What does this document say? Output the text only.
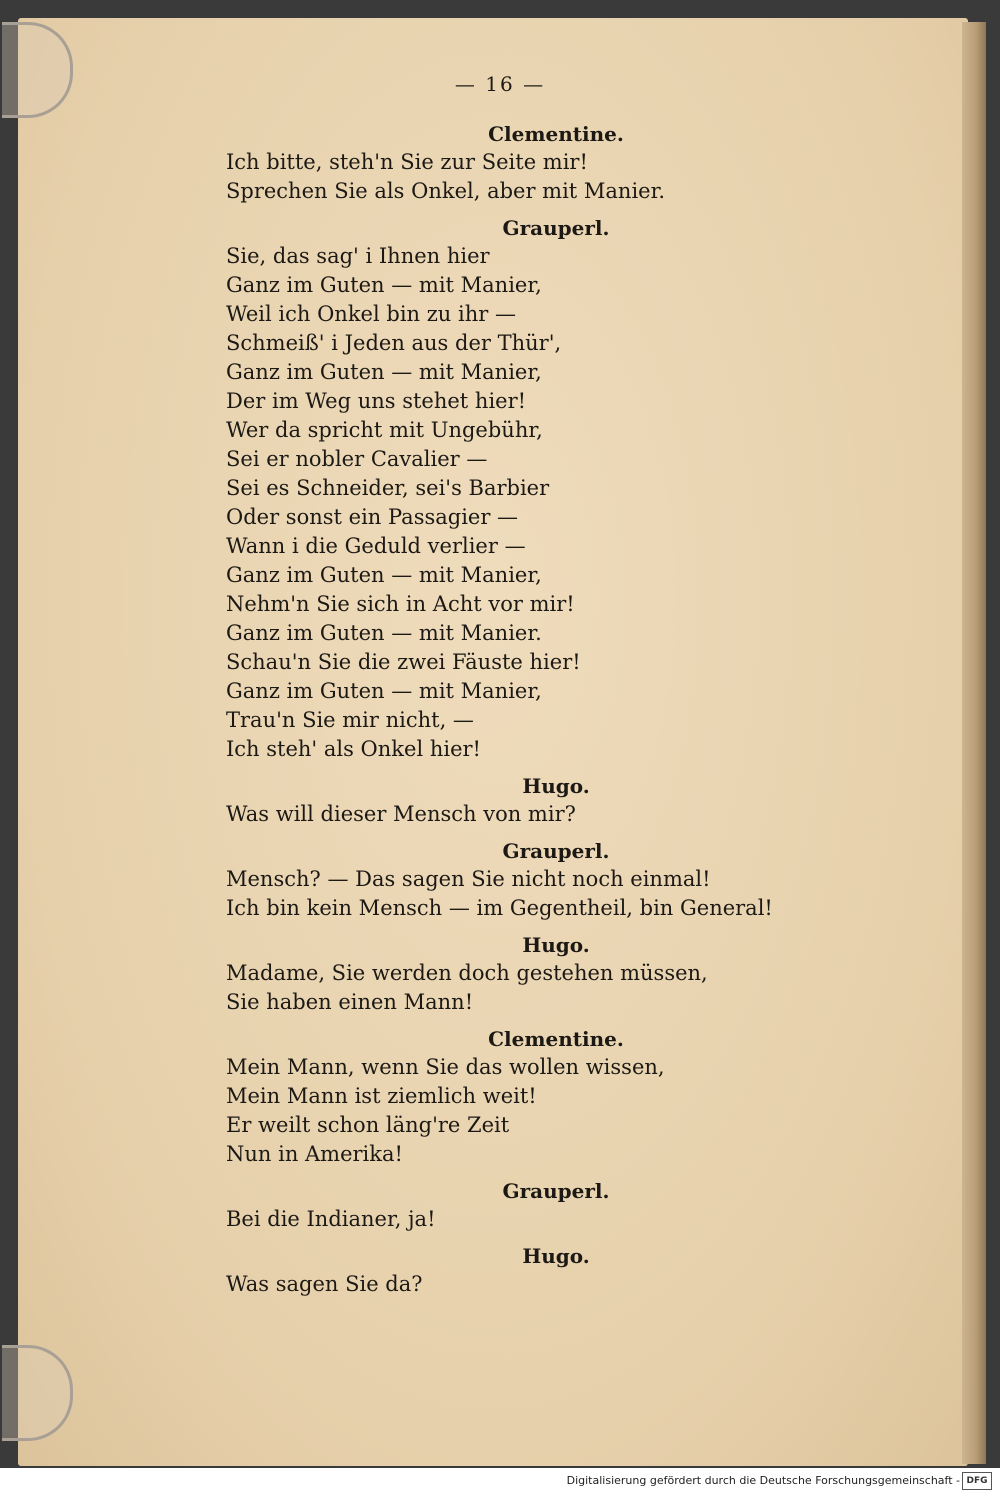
— 16 —
Clementine.
Ich bitte, steh'n Sie zur Seite mir!
Sprechen Sie als Onkel, aber mit Manier.
Grauperl.
Sie, das sag' i Ihnen hier
Ganz im Guten — mit Manier,
Weil ich Onkel bin zu ihr —
Schmeiß' i Jeden aus der Thür',
Ganz im Guten — mit Manier,
Der im Weg uns stehet hier!
Wer da spricht mit Ungebühr,
Sei er nobler Cavalier —
Sei es Schneider, sei's Barbier
Oder sonst ein Passagier —
Wann i die Geduld verlier —
Ganz im Guten — mit Manier,
Nehm'n Sie sich in Acht vor mir!
Ganz im Guten — mit Manier.
Schau'n Sie die zwei Fäuste hier!
Ganz im Guten — mit Manier,
Trau'n Sie mir nicht, —
Ich steh' als Onkel hier!
Hugo.
Was will dieser Mensch von mir?
Grauperl.
Mensch? — Das sagen Sie nicht noch einmal!
Ich bin kein Mensch — im Gegentheil, bin General!
Hugo.
Madame, Sie werden doch gestehen müssen,
Sie haben einen Mann!
Clementine.
Mein Mann, wenn Sie das wollen wissen,
Mein Mann ist ziemlich weit!
Er weilt schon läng're Zeit
Nun in Amerika!
Grauperl.
Bei die Indianer, ja!
Hugo.
Was sagen Sie da?
Digitalisierung gefördert durch die Deutsche Forschungsgemeinschaft - DFG
